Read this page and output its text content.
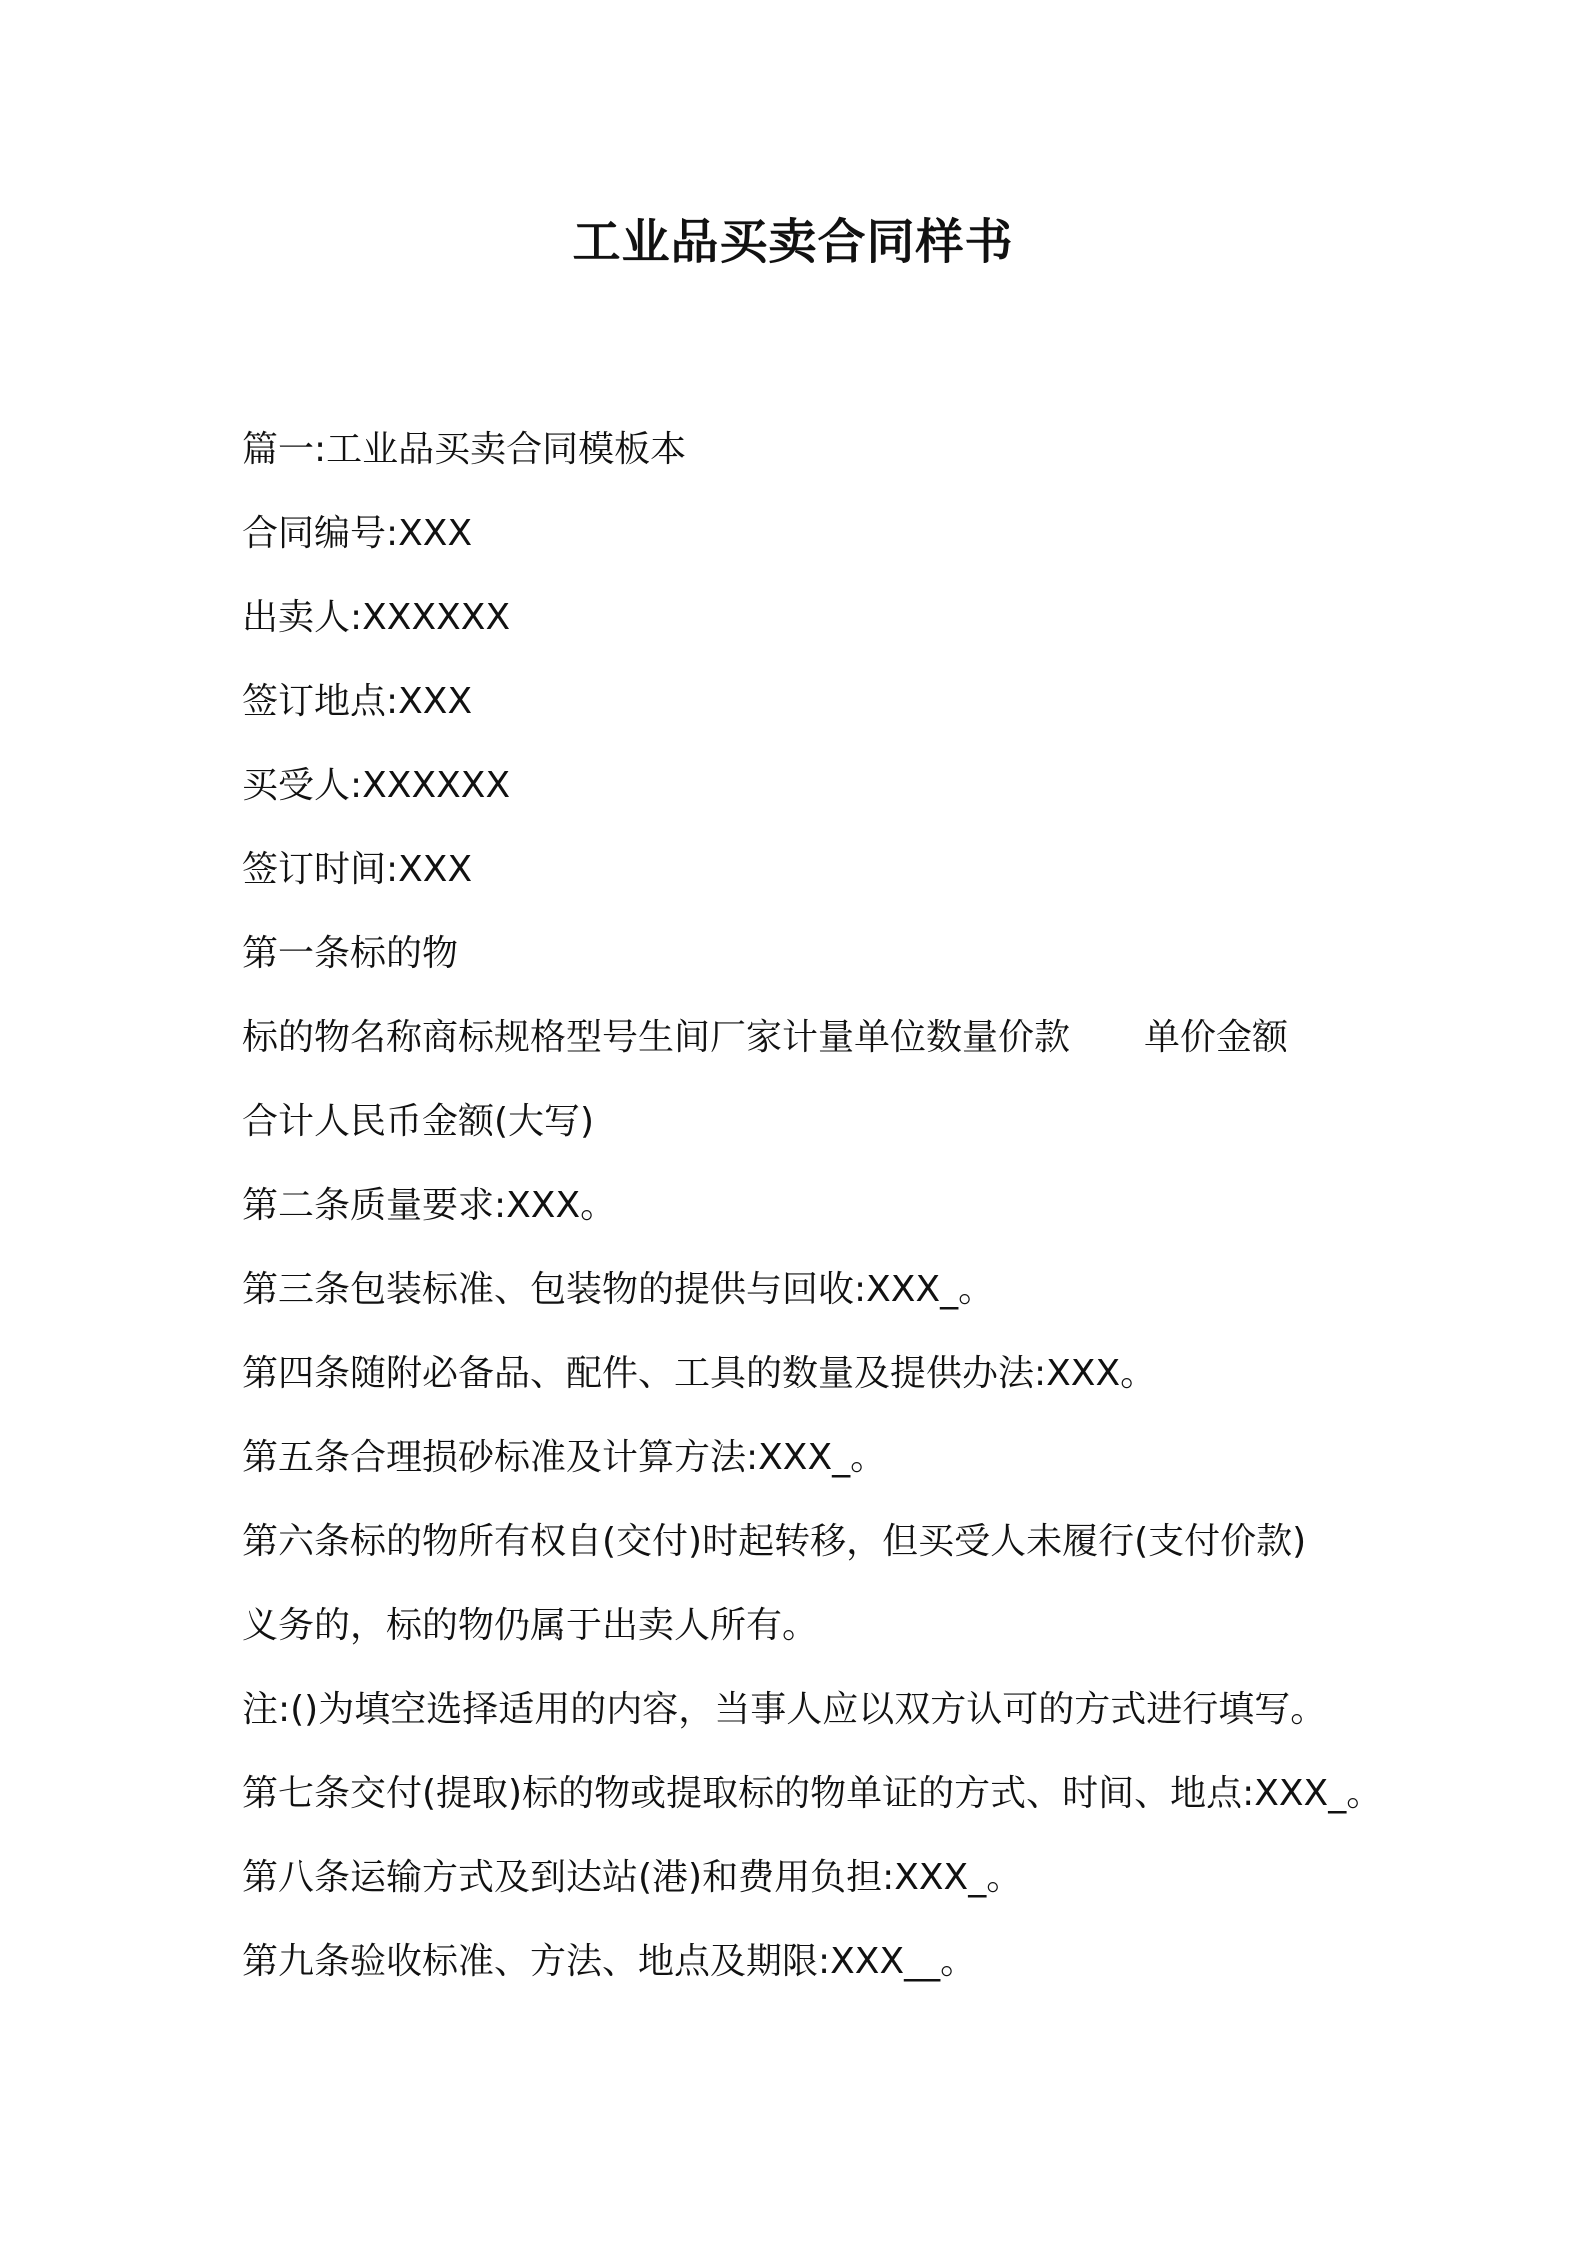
工业品买卖合同样书

篇一:工业品买卖合同模板本

合同编号:XXX

出卖人:XXXXXX

签订地点:XXX

买受人:XXXXXX

签订时间:XXX

第一条标的物

标的物名称商标规格型号生间厂家计量单位数量价款 单价金额

合计人民币金额(大写)

第二条质量要求:XXX。

第三条包装标准、包装物的提供与回收:XXX_。

第四条随附必备品、配件、工具的数量及提供办法:XXX。

第五条合理损砂标准及计算方法:XXX_。

第六条标的物所有权自(交付)时起转移，但买受人未履行(支付价款)

义务的，标的物仍属于出卖人所有。

注:()为填空选择适用的内容，当事人应以双方认可的方式进行填写。

第七条交付(提取)标的物或提取标的物单证的方式、时间、地点:XXX_。

第八条运输方式及到达站(港)和费用负担:XXX_。

第九条验收标准、方法、地点及期限:XXX__。
